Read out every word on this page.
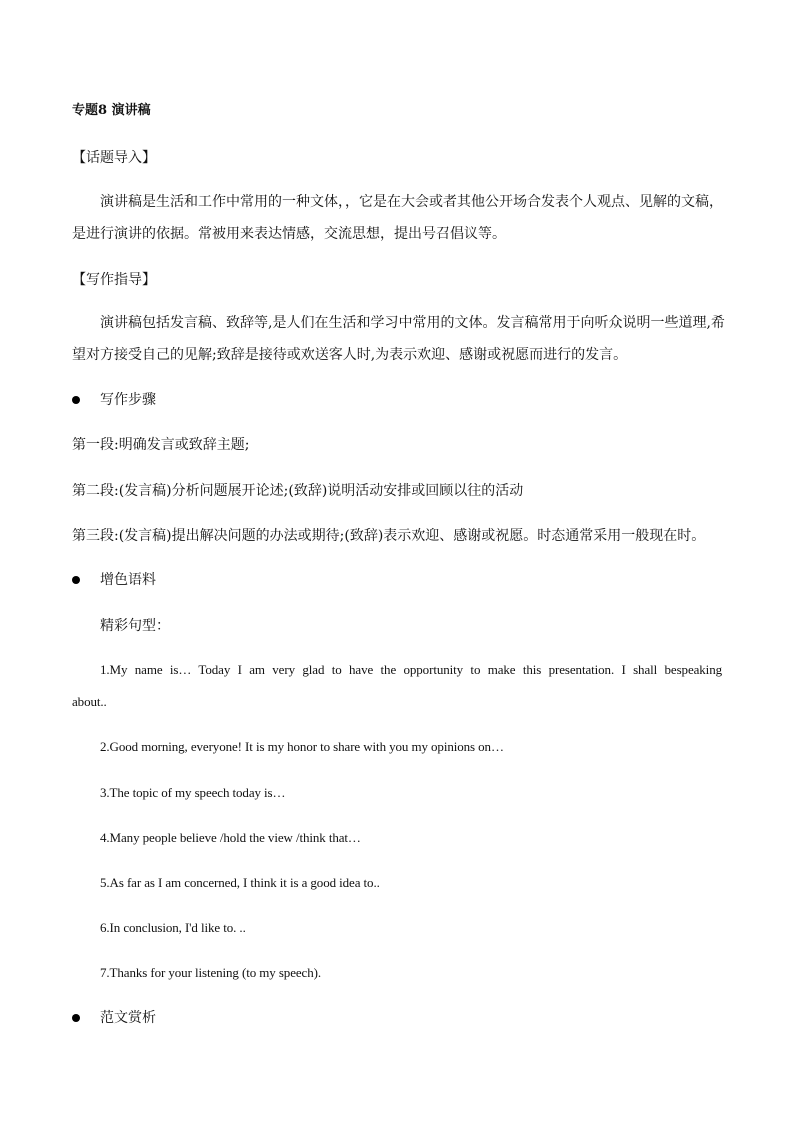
专题8 演讲稿
【话题导入】
演讲稿是生活和工作中常用的一种文体，，它是在大会或者其他公开场合发表个人观点、见解的文稿，
是进行演讲的依据。常被用来表达情感，交流思想，提出号召倡议等。
【写作指导】
演讲稿包括发言稿、致辞等,是人们在生活和学习中常用的文体。发言稿常用于向听众说明一些道理,希
望对方接受自己的见解;致辞是接待或欢送客人时,为表示欢迎、感谢或祝愿而进行的发言。
写作步骤
第一段:明确发言或致辞主题;
第二段:(发言稿)分析问题展开论述;(致辞)说明活动安排或回顾以往的活动
第三段:(发言稿)提出解决问题的办法或期待;(致辞)表示欢迎、感谢或祝愿。时态通常采用一般现在时。
增色语料
精彩句型：
1.My name is… Today I am very glad to have the opportunity to make this presentation. I shall bespeaking
about..
2.Good morning, everyone! It is my honor to share with you my opinions on…
3.The topic of my speech today is…
4.Many people believe /hold the view /think that…
5.As far as I am concerned, I think it is a good idea to..
6.In conclusion, I'd like to. ..
7.Thanks for your listening (to my speech).
范文赏析
